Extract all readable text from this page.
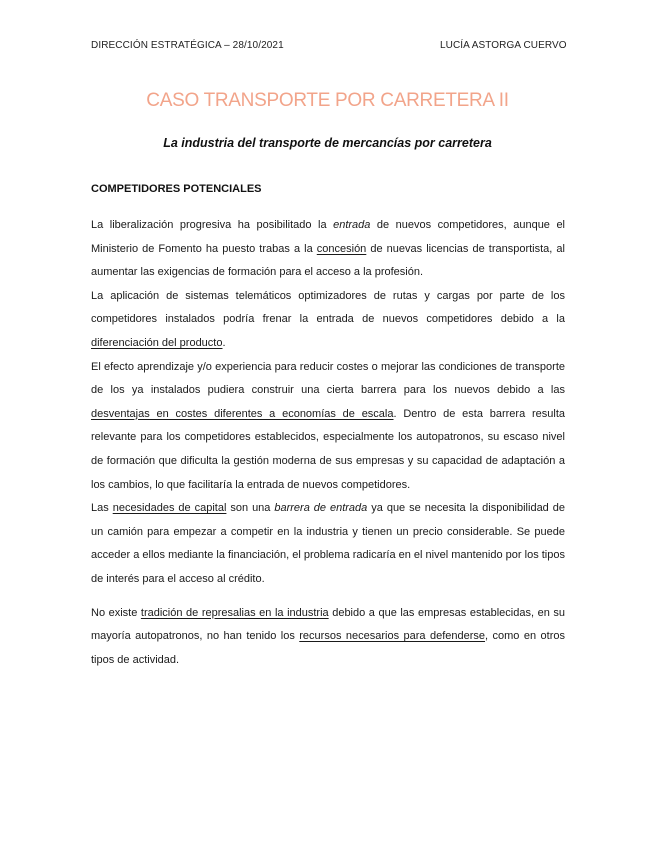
DIRECCIÓN ESTRATÉGICA – 28/10/2021	LUCÍA ASTORGA CUERVO
CASO TRANSPORTE POR CARRETERA II
La industria del transporte de mercancías por carretera
COMPETIDORES POTENCIALES

La liberalización progresiva ha posibilitado la entrada de nuevos competidores, aunque el Ministerio de Fomento ha puesto trabas a la concesión de nuevas licencias de transportista, al aumentar las exigencias de formación para el acceso a la profesión.

La aplicación de sistemas telemáticos optimizadores de rutas y cargas por parte de los competidores instalados podría frenar la entrada de nuevos competidores debido a la diferenciación del producto.

El efecto aprendizaje y/o experiencia para reducir costes o mejorar las condiciones de transporte de los ya instalados pudiera construir una cierta barrera para los nuevos debido a las desventajas en costes diferentes a economías de escala. Dentro de esta barrera resulta relevante para los competidores establecidos, especialmente los autopatronos, su escaso nivel de formación que dificulta la gestión moderna de sus empresas y su capacidad de adaptación a los cambios, lo que facilitaría la entrada de nuevos competidores.

Las necesidades de capital son una barrera de entrada ya que se necesita la disponibilidad de un camión para empezar a competir en la industria y tienen un precio considerable. Se puede acceder a ellos mediante la financiación, el problema radicaría en el nivel mantenido por los tipos de interés para el acceso al crédito.

No existe tradición de represalias en la industria debido a que las empresas establecidas, en su mayoría autopatronos, no han tenido los recursos necesarios para defenderse, como en otros tipos de actividad.
